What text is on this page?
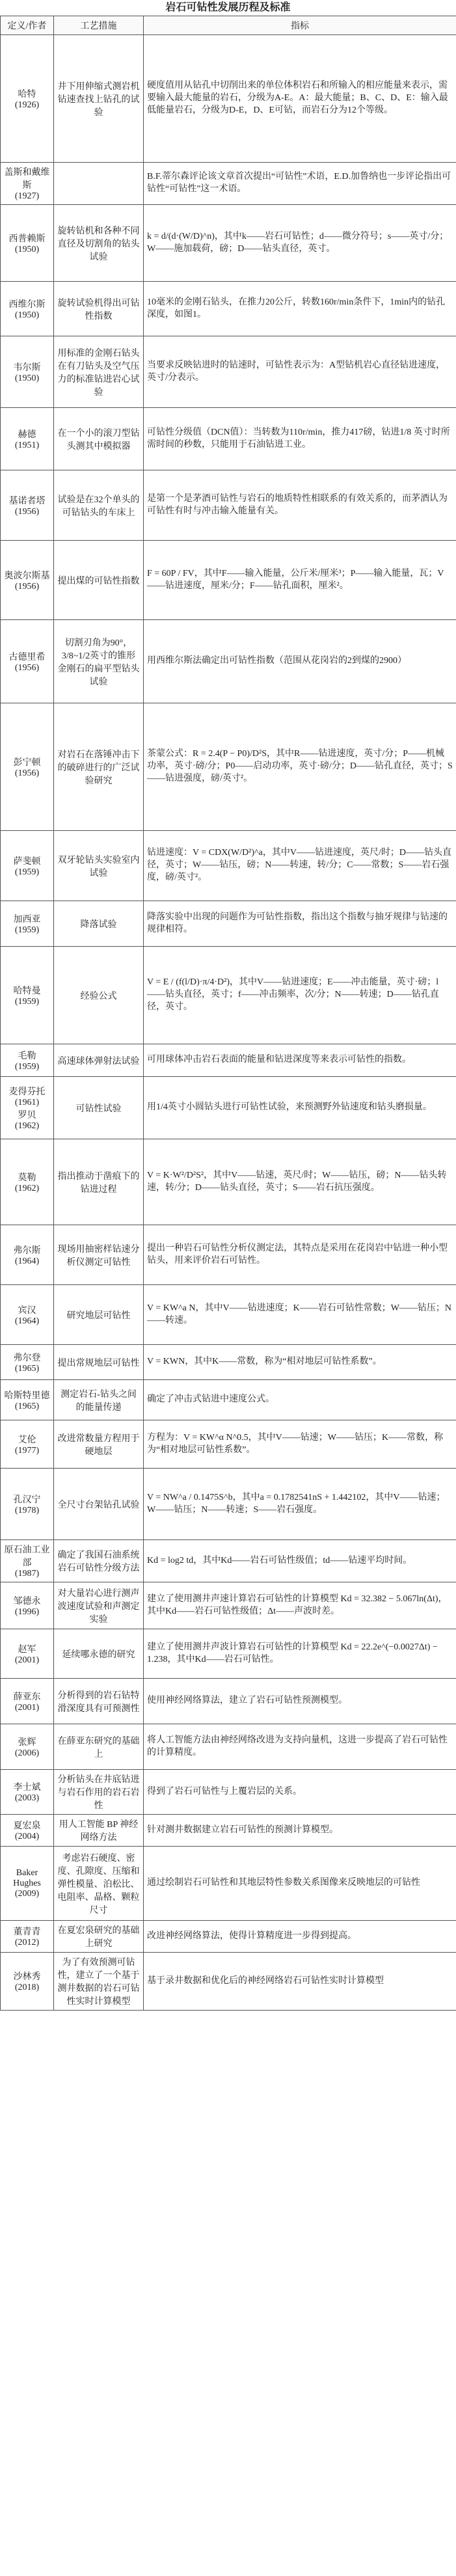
岩石可钻性发展历程及标准
定义/作者	工艺措施	指标
哈特
(1926)	井下用伸缩式测岩机钻速查找上钻孔的试验	硬度值用从钻孔中切削出来的单位体积岩石和所输入的相应能量来表示，需要输入最大能量的岩石，分级为A-E。A：最大能量；B、C、D、E：输入最低能量岩石，分级为D-E，D、E可钻，而岩石分为12个等级。
盖斯和戴维斯
(1927)		B.F.蒂尔森评论该文章首次提出“可钻性”术语，E.D.加鲁纳也一步评论指出可钻性“可钻性”这一术语。
西普赖斯
(1950)	旋转钻机和各种不同直径及切割角的钻头试验	k = d/(d·(W/D)^n)，其中k——岩石可钻性；d——微分符号；s——英寸/分；W——施加载荷，磅；D——钻头直径，英寸。
西维尔斯
(1950)	旋转试验机得出可钻性指数	10毫米的金刚石钻头，在推力20公斤，转数160r/min条件下，1min内的钻孔深度，如图1。
韦尔斯
(1950)	用标准的金刚石钻头在有刀钻头及空气压力的标准钻进岩心试验	当要求反映钻进时的钻速时，可钻性表示为：A型钻机岩心直径钻进速度，英寸/分表示。
赫德
(1951)	在一个小的滚刀型钻头测其中模拟器	可钻性分级值（DCN值）：当转数为110r/min，推力417磅，钻进1/8 英寸时所需时间的秒数，只能用于石油钻进工业。
基诺者塔
(1956)	试验是在32个单头的可钻钻头的车床上	是第一个是茅酒可钻性与岩石的地质特性相联系的有效关系的，而茅酒认为可钻性有时与冲击输入能量有关。
奥波尔斯基
(1956)	提出煤的可钻性指数	F = 60P / FV，其中F——输入能量，公斤米/厘米³；P——输入能量，瓦；V——钻进速度，厘米/分；F——钻孔面积，厘米²。
古德里希
(1956)	切割刃角为90°，3/8~1/2英寸的锥形金刚石的扁平型钻头试验	用西维尔斯法确定出可钻性指数（范围从花岗岩的2到煤的2900）
彭宁顿
(1956)	对岩石在落锤冲击下的破碎进行的广泛试验研究	茶蒙公式：R = 2.4(P − P0)/D²S，其中R——钻进速度，英寸/分；P——机械功率，英寸·磅/分；P0——启动功率，英寸·磅/分；D——钻孔直径，英寸；S——钻进强度，磅/英寸²。
萨斐顿
(1959)	双牙轮钻头实验室内试验	钻进速度：V = CDX(W/D²)^a，其中V——钻进速度，英尺/时；D——钻头直径，英寸；W——钻压，磅；N——转速，转/分；C——常数；S——岩石强度，磅/英寸²。
加西亚
(1959)	降落试验	降落实验中出现的问题作为可钻性指数，指出这个指数与抽牙规律与钻速的规律相符。
哈特曼
(1959)	经验公式	V = E / (f(l/D)·π/4·D²)，其中V——钻进速度；E——冲击能量，英寸·磅；l——钻头直径，英寸；f——冲击频率，次/分；N——转速；D——钻孔直径，英寸。
毛勒
(1959)	高速球体弹射法试验	可用球体冲击岩石表面的能量和钻进深度等来表示可钻性的指数。
麦得芬托
(1961)
罗贝
(1962)	可钻性试验	用1/4英寸小圆钻头进行可钻性试验，来预测野外钻速度和钻头磨损量。
莫勒
(1962)	指出推动于凿痕下的钻进过程	V = K·W²/D²S²，其中V——钻速，英尺/时；W——钻压，磅；N——钻头转速，转/分；D——钻头直径，英寸；S——岩石抗压强度。
弗尔斯
(1964)	现场用抽密样钻速分析仪测定可钻性	提出一种岩石可钻性分析仪测定法，其特点是采用在花岗岩中钻进一种小型钻头，用来评价岩石可钻性。
宾汉
(1964)	研究地层可钻性	V = KW^a N，其中V——钻进速度；K——岩石可钻性常数；W——钻压；N——转速。
弗尔登
(1965)	提出常规地层可钻性	V = KWN，其中K——常数，称为“相对地层可钻性系数”。
哈斯特里德
(1965)	测定岩石-钻头之间的能量传递	确定了冲击式钻进中速度公式。
艾伦
(1977)	改进常数量方程用于硬地层	方程为：V = KW^α N^0.5，其中V——钻速；W——钻压；K——常数，称为“相对地层可钻性系数”。
孔汉宁
(1978)	全尺寸台架钻孔试验	V = NW^a / 0.1475S^b，其中a = 0.1782541nS + 1.442102，其中V——钻速；W——钻压；N——转速；S——岩石强度。
原石油工业部
(1987)	确定了我国石油系统岩石可钻性分级方法	Kd = log2 td，其中Kd——岩石可钻性级值；td——钻速平均时间。
邹德永
(1996)	对大量岩心进行测声波速度试验和声测定实验	建立了使用测井声速计算岩石可钻性的计算模型 Kd = 32.382 − 5.067ln(Δt)，其中Kd——岩石可钻性级值；Δt——声波时差。
赵军
(2001)	延续哪永德的研究	建立了使用测井声波计算岩石可钻性的计算模型 Kd = 22.2e^(−0.0027Δt) − 1.238，其中Kd——岩石可钻性。
薛亚东
(2001)	分析得到的岩石钻特滑深度具有可预测性	使用神经网络算法，建立了岩石可钻性预测模型。
张辉
(2006)	在薛亚东研究的基础上	将人工智能方法由神经网络改进为支持向量机，这进一步提高了岩石可钻性的计算精度。
李士斌
(2003)	分析钻头在井底钻进与岩石作用的岩石岩性	得到了岩石可钻性与上覆岩层的关系。
夏宏泉
(2004)	用人工智能 BP 神经网络方法	针对测井数据建立岩石可钻性的预测计算模型。
Baker Hughes
(2009)	考虑岩石硬度、密度、孔隙度、压缩和弹性模量、泊松比、电阻率、晶格、颗粒尺寸	通过绘制岩石可钻性和其地层特性参数关系图像来反映地层的可钻性
董青青
(2012)	在夏宏泉研究的基础上研究	改进神经网络算法，使得计算精度进一步得到提高。
沙林秀
(2018)	为了有效预测可钻性，建立了一个基于测井数据的岩石可钻性实时计算模型	基于录井数据和优化后的神经网络岩石可钻性实时计算模型
